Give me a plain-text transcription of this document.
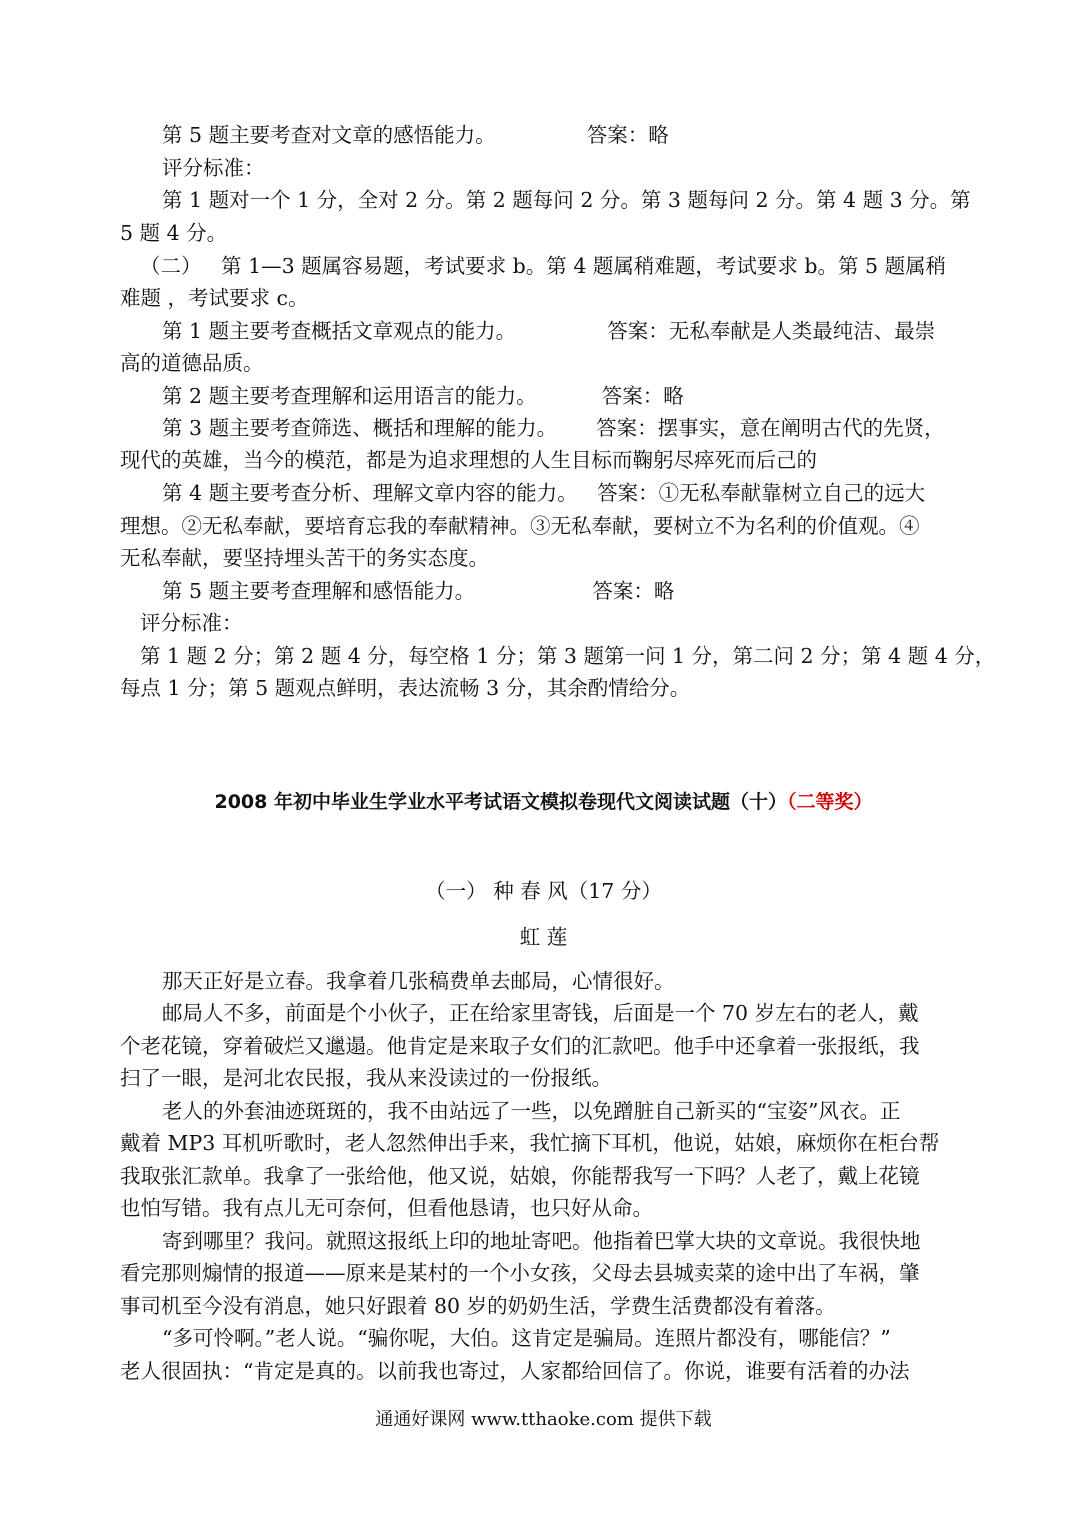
第 5 题主要考查对文章的感悟能力。              答案：略
评分标准：
第 1 题对一个 1 分，全对 2 分。第 2 题每问 2 分。第 3 题每问 2 分。第 4 题 3 分。第
5 题 4 分。
（二）   第 1—3 题属容易题，考试要求 b。第 4 题属稍难题，考试要求 b。第 5 题属稍
难题 ，考试要求 c。
第 1 题主要考查概括文章观点的能力。              答案：无私奉献是人类最纯洁、最崇
高的道德品质。
第 2 题主要考查理解和运用语言的能力。          答案：略
第 3 题主要考查筛选、概括和理解的能力。      答案：摆事实，意在阐明古代的先贤，
现代的英雄，当今的模范，都是为追求理想的人生目标而鞠躬尽瘁死而后己的
第 4 题主要考查分析、理解文章内容的能力。   答案：①无私奉献靠树立自己的远大
理想。②无私奉献，要培育忘我的奉献精神。③无私奉献，要树立不为名利的价值观。④
无私奉献，要坚持埋头苦干的务实态度。
第 5 题主要考查理解和感悟能力。                  答案：略
评分标准：
第 1 题 2 分；第 2 题 4 分，每空格 1 分；第 3 题第一问 1 分，第二问 2 分；第 4 题 4 分，
每点 1 分；第 5 题观点鲜明，表达流畅 3 分，其余酌情给分。
2008 年初中毕业生学业水平考试语文模拟卷现代文阅读试题（十）（二等奖）
（一） 种 春 风（17 分）
虹 莲
那天正好是立春。我拿着几张稿费单去邮局，心情很好。
邮局人不多，前面是个小伙子，正在给家里寄钱，后面是一个 70 岁左右的老人，戴
个老花镜，穿着破烂又邋遢。他肯定是来取子女们的汇款吧。他手中还拿着一张报纸，我
扫了一眼，是河北农民报，我从来没读过的一份报纸。
老人的外套油迹斑斑的，我不由站远了一些，以免蹭脏自己新买的“宝姿”风衣。正
戴着 MP3 耳机听歌时，老人忽然伸出手来，我忙摘下耳机，他说，姑娘，麻烦你在柜台帮
我取张汇款单。我拿了一张给他，他又说，姑娘，你能帮我写一下吗？人老了，戴上花镜
也怕写错。我有点儿无可奈何，但看他恳请，也只好从命。
寄到哪里？我问。就照这报纸上印的地址寄吧。他指着巴掌大块的文章说。我很快地
看完那则煽情的报道——原来是某村的一个小女孩，父母去县城卖菜的途中出了车祸，肇
事司机至今没有消息，她只好跟着 80 岁的奶奶生活，学费生活费都没有着落。
“多可怜啊。”老人说。“骗你呢，大伯。这肯定是骗局。连照片都没有，哪能信？”
老人很固执：“肯定是真的。以前我也寄过，人家都给回信了。你说，谁要有活着的办法
通通好课网 www.tthaoke.com 提供下载
